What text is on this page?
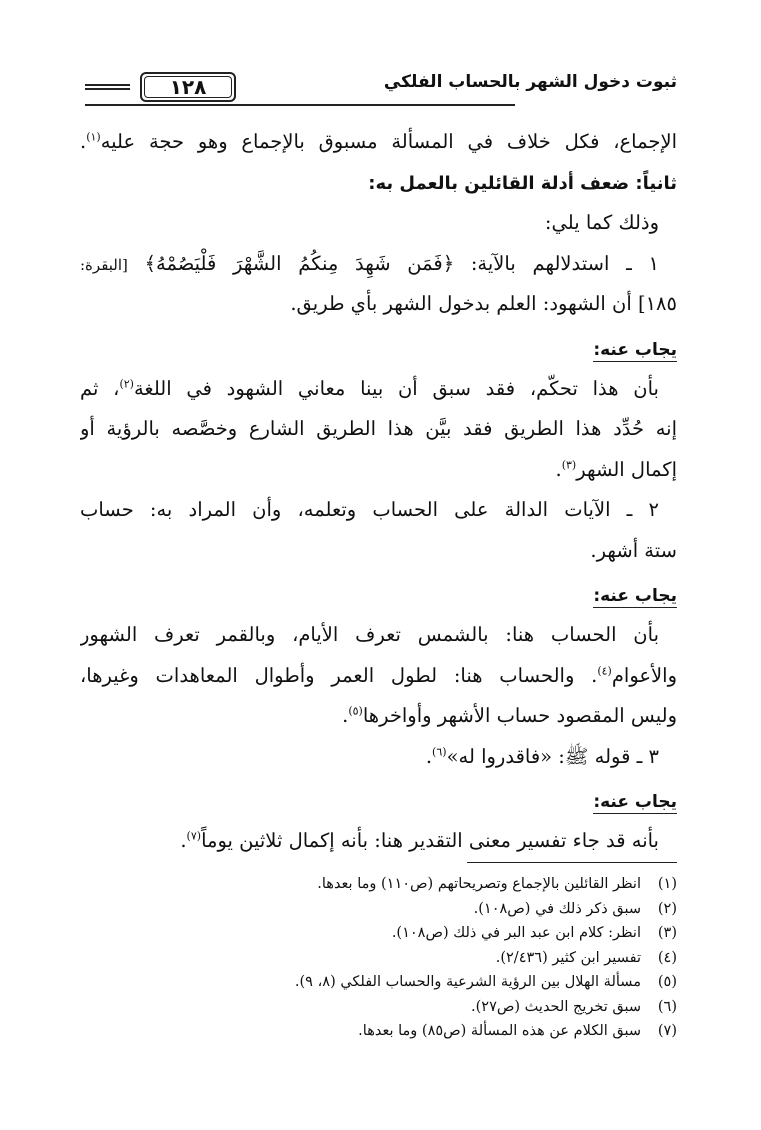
ثبوت دخول الشهر بالحساب الفلكي
١٢٨
الإجماع، فكل خلاف في المسألة مسبوق بالإجماع وهو حجة عليه$^{(١)}$.
ثانياً: ضعف أدلة القائلين بالعمل به:
وذلك كما يلي:
١ ـ استدلالهم بالآية: ﴿فَمَن شَهِدَ مِنكُمُ الشَّهْرَ فَلْيَصُمْهُ﴾ [البقرة:
١٨٥] أن الشهود: العلم بدخول الشهر بأي طريق.
يجاب عنه:
بأن هذا تحكّم، فقد سبق أن بينا معاني الشهود في اللغة$^{(٢)}$، ثم
إنه حُدِّد هذا الطريق فقد بيَّن هذا الطريق الشارع وخصَّصه بالرؤية أو
إكمال الشهر$^{(٣)}$.
٢ ـ الآيات الدالة على الحساب وتعلمه، وأن المراد به: حساب
ستة أشهر.
يجاب عنه:
بأن الحساب هنا: بالشمس تعرف الأيام، وبالقمر تعرف الشهور
والأعوام$^{(٤)}$. والحساب هنا: لطول العمر وأطوال المعاهدات وغيرها،
وليس المقصود حساب الأشهر وأواخرها$^{(٥)}$.
٣ ـ قوله ﷺ: «فاقدروا له»$^{(٦)}$.
يجاب عنه:
بأنه قد جاء تفسير معنى التقدير هنا: بأنه إكمال ثلاثين يوماً$^{(٧)}$.
(١)انظر القائلين بالإجماع وتصريحاتهم (ص١١٠) وما بعدها.
(٢)سبق ذكر ذلك في (ص١٠٨).
(٣)انظر: كلام ابن عبد البر في ذلك (ص١٠٨).
(٤)تفسير ابن كثير (٢/٤٣٦).
(٥)مسألة الهلال بين الرؤية الشرعية والحساب الفلكي (٨، ٩).
(٦)سبق تخريج الحديث (ص٢٧).
(٧)سبق الكلام عن هذه المسألة (ص٨٥) وما بعدها.
